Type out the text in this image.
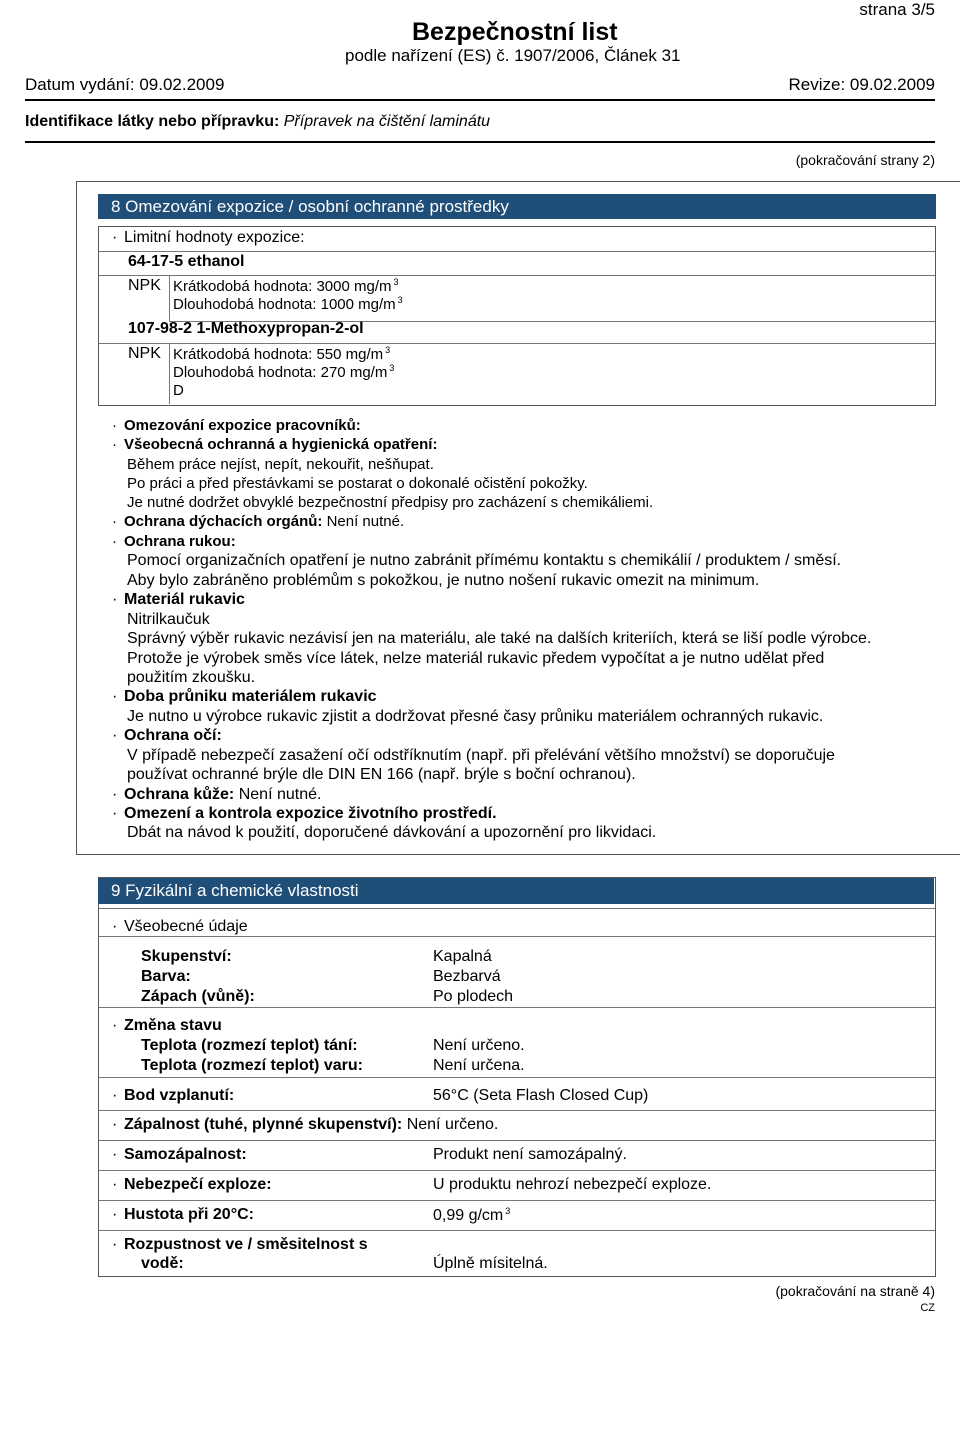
strana 3/5
Bezpečnostní list
podle nařízení (ES) č. 1907/2006, Článek 31
Datum vydání: 09.02.2009	Revize: 09.02.2009
Identifikace látky nebo přípravku: Přípravek na čištění laminátu
(pokračování strany 2)
8 Omezování expozice / osobní ochranné prostředky
· Limitní hodnoty expozice:
64-17-5 ethanol
NPK Krátkodobá hodnota: 3000 mg/m $^3$
Dlouhodobá hodnota: 1000 mg/m $^3$
107-98-2 1-Methoxypropan-2-ol
NPK Krátkodobá hodnota: 550 mg/m $^3$
Dlouhodobá hodnota: 270 mg/m $^3$
D
· Omezování expozice pracovníků:
· Všeobecná ochranná a hygienická opatření:
Během práce nejíst, nepít, nekouřit, nešňupat.
Po práci a před přestávkami se postarat o dokonalé očistění pokožky.
Je nutné dodržet obvyklé bezpečnostní předpisy pro zacházení s chemikáliemi.
· Ochrana dýchacích orgánů: Není nutné.
· Ochrana rukou:
Pomocí organizačních opatření je nutno zabránit přímému kontaktu s chemikálií / produktem / směsí.
Aby bylo zabráněno problémům s pokožkou, je nutno nošení rukavic omezit na minimum.
· Materiál rukavic
Nitrilkaučuk
Správný výběr rukavic nezávisí jen na materiálu, ale také na dalších kriteriích, která se liší podle výrobce.
Protože je výrobek směs více látek, nelze materiál rukavic předem vypočítat a je nutno udělat před
použitím zkoušku.
· Doba průniku materiálem rukavic
Je nutno u výrobce rukavic zjistit a dodržovat přesné časy průniku materiálem ochranných rukavic.
· Ochrana očí:
V případě nebezpečí zasažení očí odstříknutím (např. při přelévání většího množství) se doporučuje
používat ochranné brýle dle DIN EN 166 (např. brýle s boční ochranou).
· Ochrana kůže: Není nutné.
· Omezení a kontrola expozice životního prostředí.
Dbát na návod k použití, doporučené dávkování a upozornění pro likvidaci.
9 Fyzikální a chemické vlastnosti
· Všeobecné údaje
Skupenství:	Kapalná
Barva:	Bezbarvá
Zápach (vůně):	Po plodech
· Změna stavu
Teplota (rozmezí teplot) tání:	Není určeno.
Teplota (rozmezí teplot) varu:	Není určena.
· Bod vzplanutí:	56°C (Seta Flash Closed Cup)
· Zápalnost (tuhé, plynné skupenství): Není určeno.
· Samozápalnost:	Produkt není samozápalný.
· Nebezpečí exploze:	U produktu nehrozí nebezpečí exploze.
· Hustota při 20°C:	0,99 g/cm $^3$
· Rozpustnost ve / směsitelnost s
vodě:	Úplně mísitelná.
(pokračování na straně 4)
CZ
